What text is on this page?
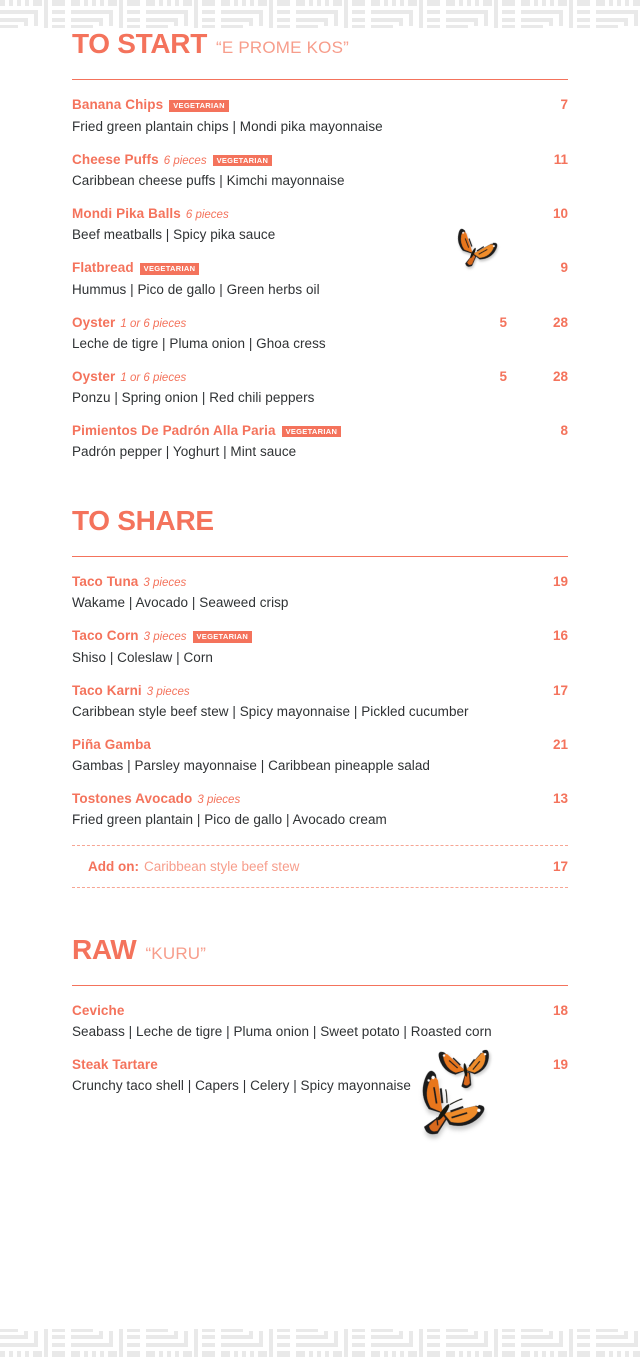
TO START “E PROME KOS”
Banana Chips	VEGETARIAN	7
Fried green plantain chips | Mondi pika mayonnaise
Cheese Puffs 6 pieces	VEGETARIAN	11
Caribbean cheese puffs | Kimchi mayonnaise
Mondi Pika Balls 6 pieces	10
Beef meatballs | Spicy pika sauce
Flatbread	VEGETARIAN	9
Hummus | Pico de gallo | Green herbs oil
Oyster 1 or 6 pieces	5	28
Leche de tigre | Pluma onion | Ghoa cress
Oyster 1 or 6 pieces	5	28
Ponzu | Spring onion | Red chili peppers
Pimientos De Padrón Alla Paria	VEGETARIAN	8
Padrón pepper | Yoghurt | Mint sauce
TO SHARE
Taco Tuna 3 pieces	19
Wakame | Avocado | Seaweed crisp
Taco Corn 3 pieces	VEGETARIAN	16
Shiso | Coleslaw | Corn
Taco Karni 3 pieces	17
Caribbean style beef stew | Spicy mayonnaise | Pickled cucumber
Piña Gamba	21
Gambas | Parsley mayonnaise | Caribbean pineapple salad
Tostones Avocado 3 pieces	13
Fried green plantain | Pico de gallo | Avocado cream
Add on: Caribbean style beef stew	17
RAW “KURU”
Ceviche	18
Seabass | Leche de tigre | Pluma onion | Sweet potato | Roasted corn
Steak Tartare	19
Crunchy taco shell | Capers | Celery | Spicy mayonnaise
